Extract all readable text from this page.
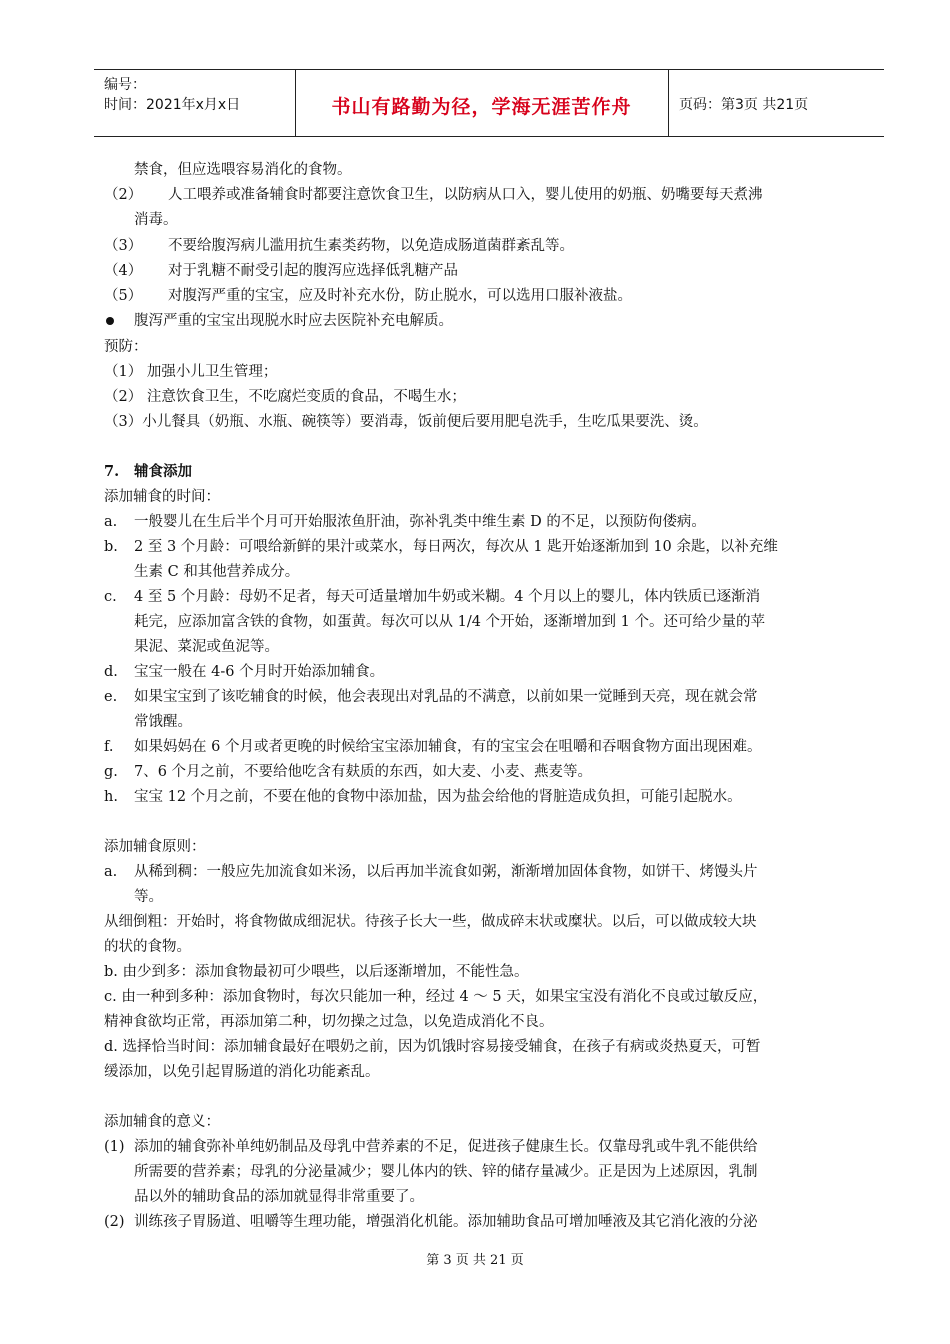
编号：
时间：2021年x月x日	书山有路勤为径，学海无涯苦作舟	页码：第3页 共21页
禁食，但应选喂容易消化的食物。
（2） 人工喂养或准备辅食时都要注意饮食卫生，以防病从口入，婴儿使用的奶瓶、奶嘴要每天煮沸
消毒。
（3） 不要给腹泻病儿滥用抗生素类药物，以免造成肠道菌群紊乱等。
（4） 对于乳糖不耐受引起的腹泻应选择低乳糖产品
（5） 对腹泻严重的宝宝，应及时补充水份，防止脱水，可以选用口服补液盐。
腹泻严重的宝宝出现脱水时应去医院补充电解质。
预防：
（1） 加强小儿卫生管理；
（2） 注意饮食卫生，不吃腐烂变质的食品，不喝生水；
（3）小儿餐具（奶瓶、水瓶、碗筷等）要消毒，饭前便后要用肥皂洗手，生吃瓜果要洗、烫。
7. 辅食添加
添加辅食的时间：
a. 一般婴儿在生后半个月可开始服浓鱼肝油，弥补乳类中维生素 D 的不足，以预防佝偻病。
b. 2 至 3 个月龄：可喂给新鲜的果汁或菜水，每日两次，每次从 1 匙开始逐渐加到 10 余匙，以补充维
生素 C 和其他营养成分。
c. 4 至 5 个月龄：母奶不足者，每天可适量增加牛奶或米糊。4 个月以上的婴儿，体内铁质已逐渐消
耗完，应添加富含铁的食物，如蛋黄。每次可以从 1/4 个开始，逐渐增加到 1 个。还可给少量的苹
果泥、菜泥或鱼泥等。
d. 宝宝一般在 4-6 个月时开始添加辅食。
e. 如果宝宝到了该吃辅食的时候，他会表现出对乳品的不满意，以前如果一觉睡到天亮，现在就会常
常饿醒。
f. 如果妈妈在 6 个月或者更晚的时候给宝宝添加辅食，有的宝宝会在咀嚼和吞咽食物方面出现困难。
g. 7、6 个月之前，不要给他吃含有麸质的东西，如大麦、小麦、燕麦等。
h. 宝宝 12 个月之前，不要在他的食物中添加盐，因为盐会给他的肾脏造成负担，可能引起脱水。
添加辅食原则：
a. 从稀到稠：一般应先加流食如米汤，以后再加半流食如粥，渐渐增加固体食物，如饼干、烤馒头片
等。
从细倒粗：开始时，将食物做成细泥状。待孩子长大一些，做成碎末状或糜状。以后，可以做成较大块
的状的食物。
b. 由少到多：添加食物最初可少喂些，以后逐渐增加，不能性急。
c. 由一种到多种：添加食物时，每次只能加一种，经过 4 ～ 5 天，如果宝宝没有消化不良或过敏反应，
精神食欲均正常，再添加第二种，切勿操之过急，以免造成消化不良。
d. 选择恰当时间：添加辅食最好在喂奶之前，因为饥饿时容易接受辅食，在孩子有病或炎热夏天，可暂
缓添加，以免引起胃肠道的消化功能紊乱。
添加辅食的意义：
(1) 添加的辅食弥补单纯奶制品及母乳中营养素的不足，促进孩子健康生长。仅靠母乳或牛乳不能供给
所需要的营养素；母乳的分泌量减少；婴儿体内的铁、锌的储存量减少。正是因为上述原因，乳制
品以外的辅助食品的添加就显得非常重要了。
(2) 训练孩子胃肠道、咀嚼等生理功能，增强消化机能。添加辅助食品可增加唾液及其它消化液的分泌
第 3 页 共 21 页
